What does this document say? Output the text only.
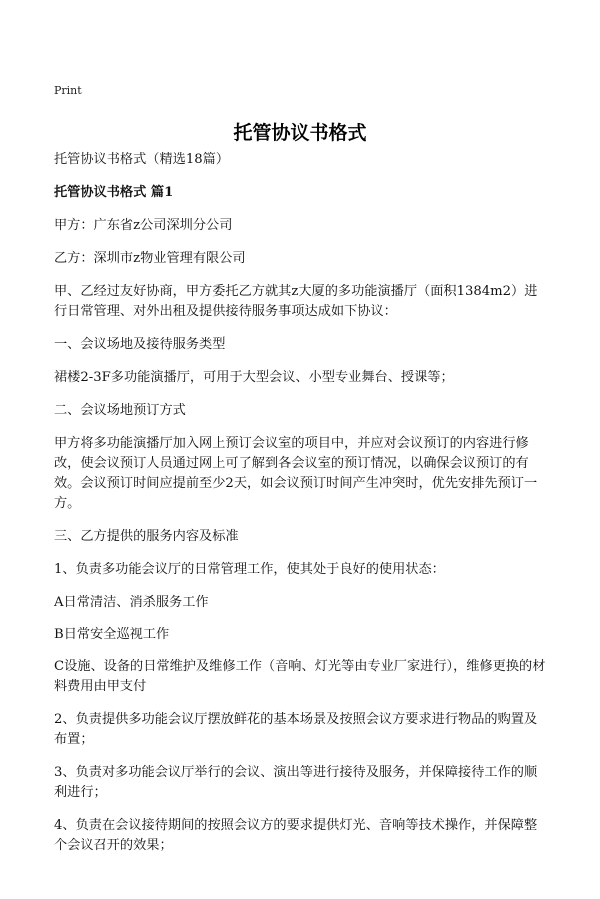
Print
托管协议书格式

托管协议书格式（精选18篇）

托管协议书格式 篇1

甲方：广东省z公司深圳分公司

乙方：深圳市z物业管理有限公司

甲、乙经过友好协商，甲方委托乙方就其z大厦的多功能演播厅（面积1384m2）进行日常管理、对外出租及提供接待服务事项达成如下协议：

一、会议场地及接待服务类型

裙楼2-3F多功能演播厅，可用于大型会议、小型专业舞台、授课等；

二、会议场地预订方式

甲方将多功能演播厅加入网上预订会议室的项目中，并应对会议预订的内容进行修改，使会议预订人员通过网上可了解到各会议室的预订情况，以确保会议预订的有效。会议预订时间应提前至少2天，如会议预订时间产生冲突时，优先安排先预订一方。

三、乙方提供的服务内容及标准

1、负责多功能会议厅的日常管理工作，使其处于良好的使用状态：

A日常清洁、消杀服务工作

B日常安全巡视工作

C设施、设备的日常维护及维修工作（音响、灯光等由专业厂家进行），维修更换的材料费用由甲支付

2、负责提供多功能会议厅摆放鲜花的基本场景及按照会议方要求进行物品的购置及布置；

3、负责对多功能会议厅举行的会议、演出等进行接待及服务，并保障接待工作的顺利进行；

4、负责在会议接待期间的按照会议方的要求提供灯光、音响等技术操作，并保障整个会议召开的效果；
